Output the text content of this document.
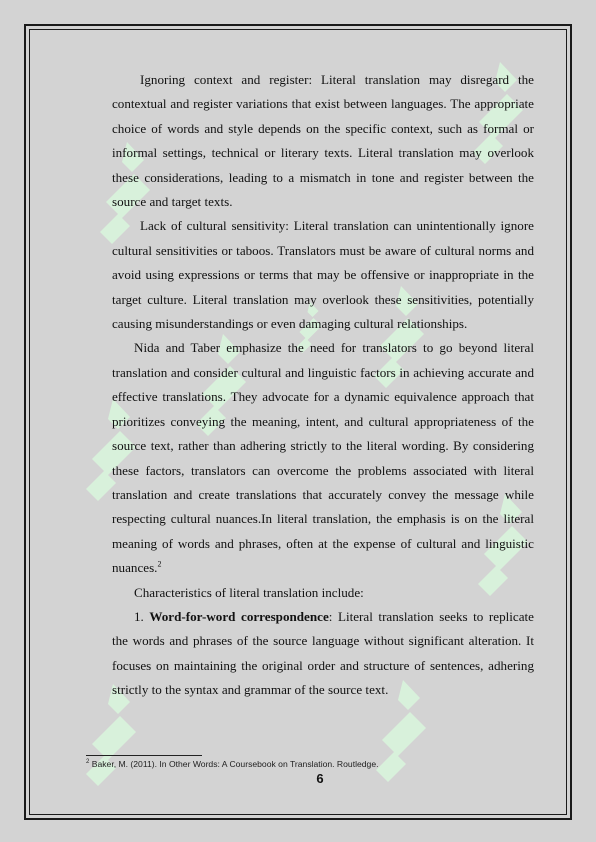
Ignoring context and register: Literal translation may disregard the contextual and register variations that exist between languages. The appropriate choice of words and style depends on the specific context, such as formal or informal settings, technical or literary texts. Literal translation may overlook these considerations, leading to a mismatch in tone and register between the source and target texts.

Lack of cultural sensitivity: Literal translation can unintentionally ignore cultural sensitivities or taboos. Translators must be aware of cultural norms and avoid using expressions or terms that may be offensive or inappropriate in the target culture. Literal translation may overlook these sensitivities, potentially causing misunderstandings or even damaging cultural relationships.

Nida and Taber emphasize the need for translators to go beyond literal translation and consider cultural and linguistic factors in achieving accurate and effective translations. They advocate for a dynamic equivalence approach that prioritizes conveying the meaning, intent, and cultural appropriateness of the source text, rather than adhering strictly to the literal wording. By considering these factors, translators can overcome the problems associated with literal translation and create translations that accurately convey the message while respecting cultural nuances.In literal translation, the emphasis is on the literal meaning of words and phrases, often at the expense of cultural and linguistic nuances.$^2$

Characteristics of literal translation include:

1. Word-for-word correspondence: Literal translation seeks to replicate the words and phrases of the source language without significant alteration. It focuses on maintaining the original order and structure of sentences, adhering strictly to the syntax and grammar of the source text.

$^2$ Baker, M. (2011). In Other Words: A Coursebook on Translation. Routledge.
6
